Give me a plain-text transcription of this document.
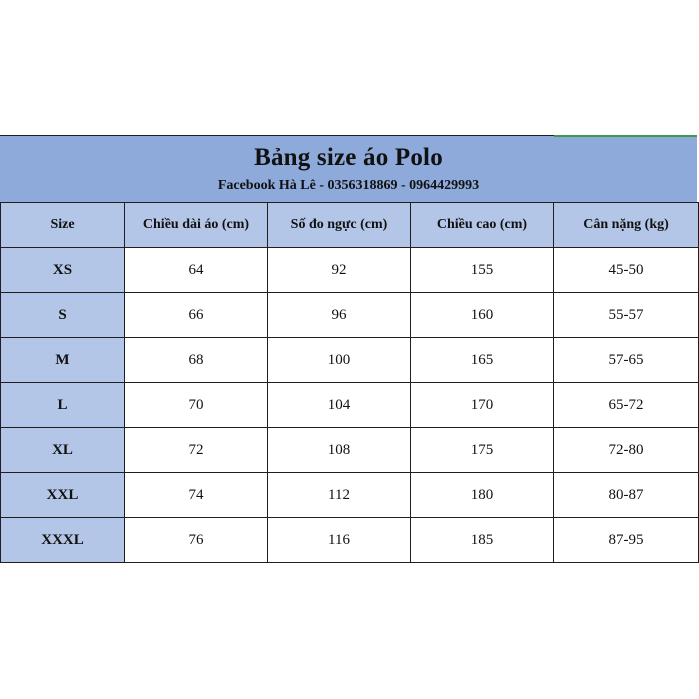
Bảng size áo Polo
Facebook Hà Lê - 0356318869 - 0964429993
Size	Chiều dài áo (cm)	Số đo ngực (cm)	Chiều cao (cm)	Cân nặng (kg)
XS	64	92	155	45-50
S	66	96	160	55-57
M	68	100	165	57-65
L	70	104	170	65-72
XL	72	108	175	72-80
XXL	74	112	180	80-87
XXXL	76	116	185	87-95
